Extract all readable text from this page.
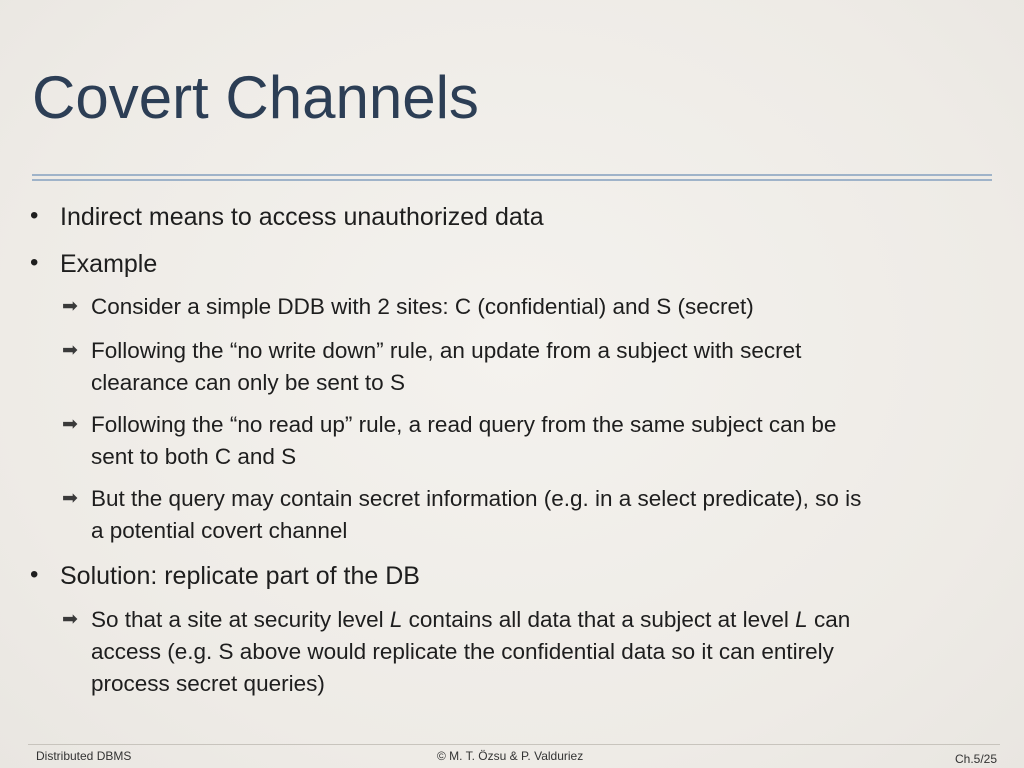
Covert Channels
• Indirect means to access unauthorized data
• Example
➡ Consider a simple DDB with 2 sites: C (confidential) and S (secret)
➡ Following the “no write down” rule, an update from a subject with secret
clearance can only be sent to S
➡ Following the “no read up” rule, a read query from the same subject can be
sent to both C and S
➡ But the query may contain secret information (e.g. in a select predicate), so is
a potential covert channel
• Solution: replicate part of the DB
➡ So that a site at security level L contains all data that a subject at level L can
access (e.g. S above would replicate the confidential data so it can entirely
process secret queries)
Distributed DBMS	© M. T. Özsu & P. Valduriez	Ch.5/25
